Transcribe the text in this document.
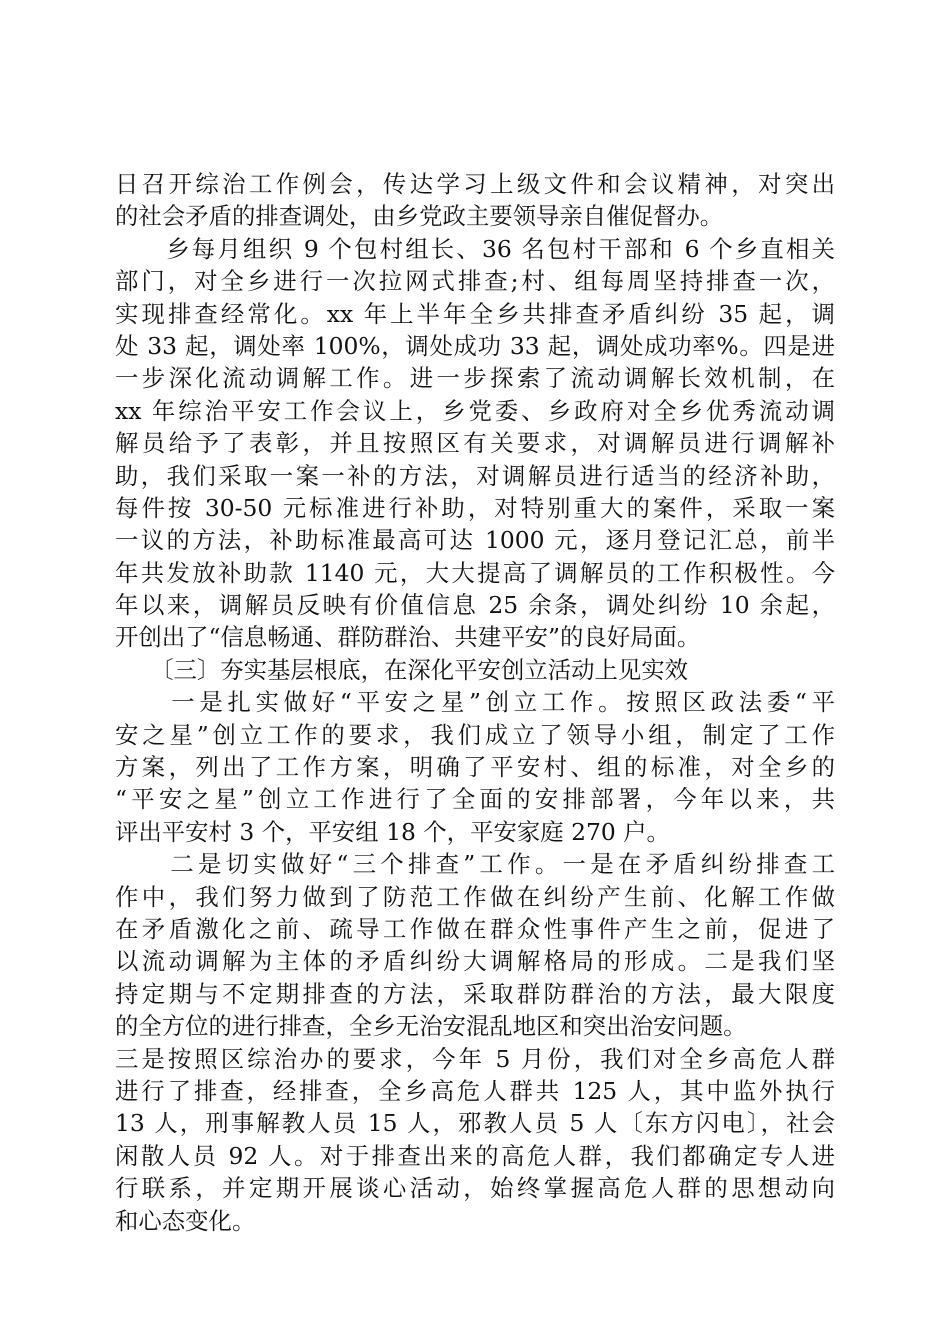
日召开综治工作例会，传达学习上级文件和会议精神，对突出
的社会矛盾的排查调处，由乡党政主要领导亲自催促督办。
　　乡每月组织 9 个包村组长、36 名包村干部和 6 个乡直相关
部门，对全乡进行一次拉网式排查;村、组每周坚持排查一次，
实现排查经常化。xx 年上半年全乡共排查矛盾纠纷 35 起，调
处 33 起，调处率 100%，调处成功 33 起，调处成功率%。四是进
一步深化流动调解工作。进一步探索了流动调解长效机制，在
xx 年综治平安工作会议上，乡党委、乡政府对全乡优秀流动调
解员给予了表彰，并且按照区有关要求，对调解员进行调解补
助，我们采取一案一补的方法，对调解员进行适当的经济补助，
每件按 30-50 元标准进行补助，对特别重大的案件，采取一案
一议的方法，补助标准最高可达 1000 元，逐月登记汇总，前半
年共发放补助款 1140 元，大大提高了调解员的工作积极性。今
年以来，调解员反映有价值信息 25 余条，调处纠纷 10 余起，
开创出了“信息畅通、群防群治、共建平安”的良好局面。
　　〔三〕夯实基层根底，在深化平安创立活动上见实效
　　一是扎实做好“平安之星”创立工作。按照区政法委“平
安之星”创立工作的要求，我们成立了领导小组，制定了工作
方案，列出了工作方案，明确了平安村、组的标准，对全乡的
“平安之星”创立工作进行了全面的安排部署，今年以来，共
评出平安村 3 个，平安组 18 个，平安家庭 270 户。
　　二是切实做好“三个排查”工作。一是在矛盾纠纷排查工
作中，我们努力做到了防范工作做在纠纷产生前、化解工作做
在矛盾激化之前、疏导工作做在群众性事件产生之前，促进了
以流动调解为主体的矛盾纠纷大调解格局的形成。二是我们坚
持定期与不定期排查的方法，采取群防群治的方法，最大限度
的全方位的进行排查，全乡无治安混乱地区和突出治安问题。
三是按照区综治办的要求，今年 5 月份，我们对全乡高危人群
进行了排查，经排查，全乡高危人群共 125 人，其中监外执行
13 人，刑事解教人员 15 人，邪教人员 5 人〔东方闪电〕，社会
闲散人员 92 人。对于排查出来的高危人群，我们都确定专人进
行联系，并定期开展谈心活动，始终掌握高危人群的思想动向
和心态变化。
